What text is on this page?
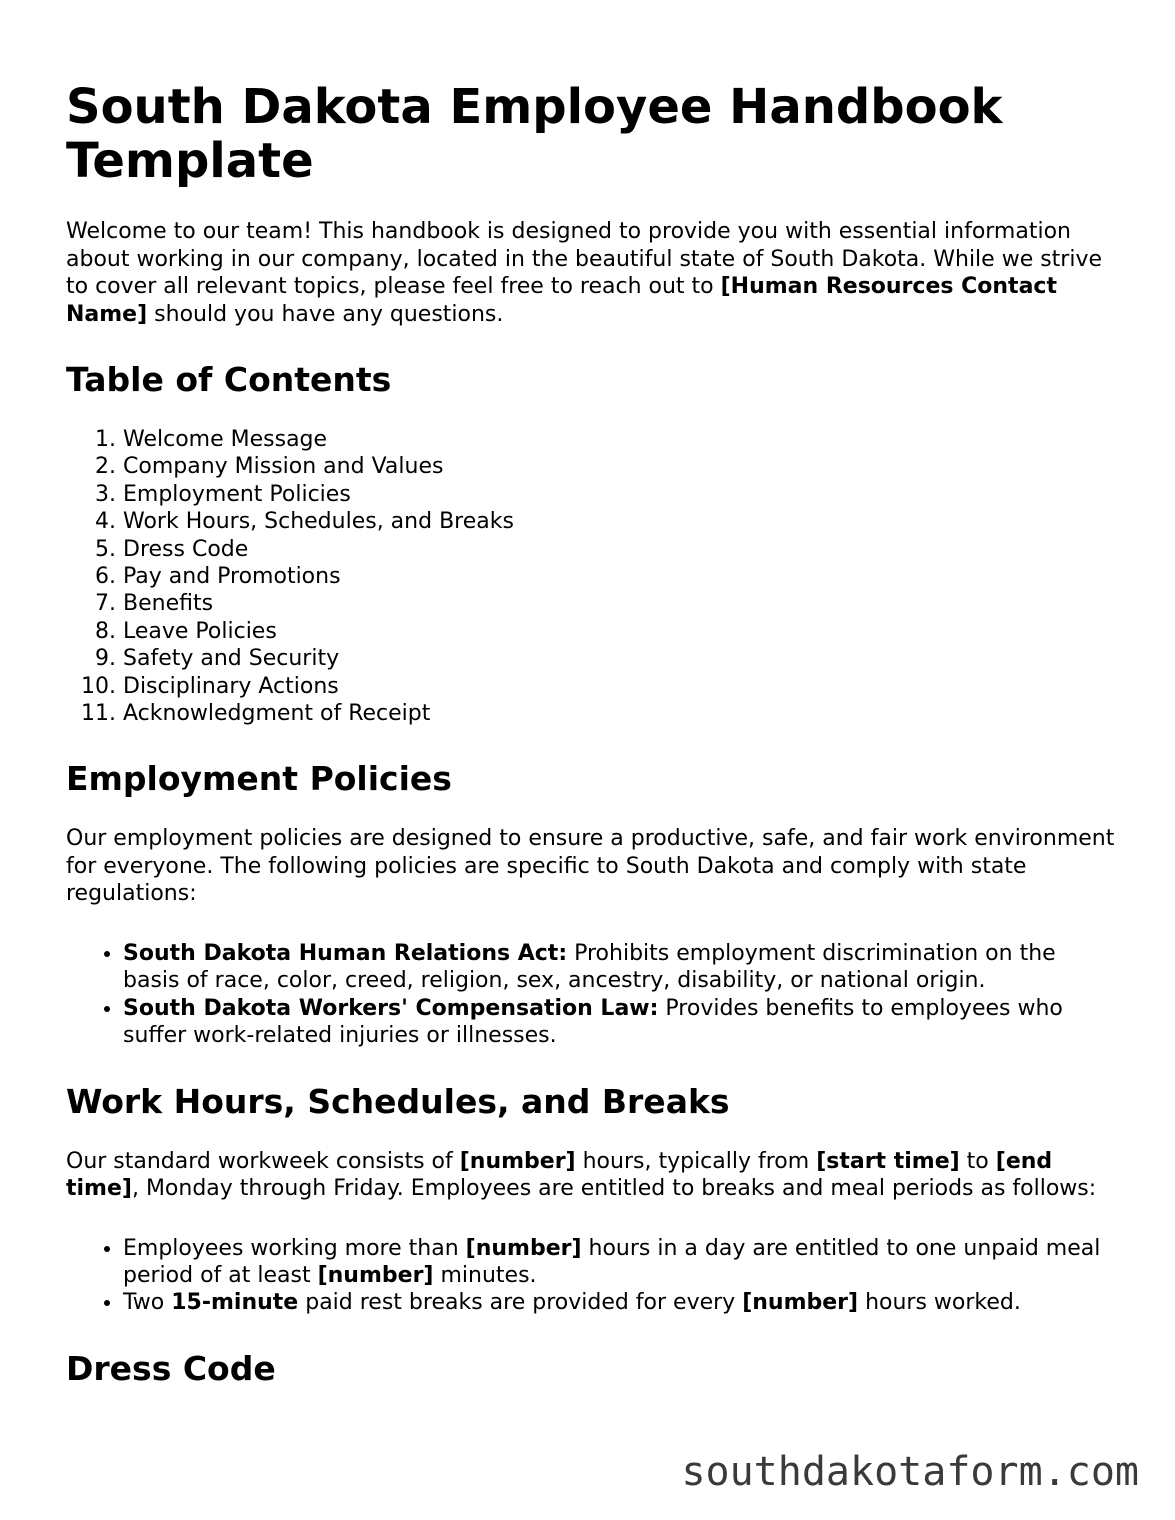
South Dakota Employee Handbook Template

Welcome to our team! This handbook is designed to provide you with essential information about working in our company, located in the beautiful state of South Dakota. While we strive to cover all relevant topics, please feel free to reach out to [Human Resources Contact Name] should you have any questions.

Table of Contents
1. Welcome Message
2. Company Mission and Values
3. Employment Policies
4. Work Hours, Schedules, and Breaks
5. Dress Code
6. Pay and Promotions
7. Benefits
8. Leave Policies
9. Safety and Security
10. Disciplinary Actions
11. Acknowledgment of Receipt
Employment Policies

Our employment policies are designed to ensure a productive, safe, and fair work environment for everyone. The following policies are specific to South Dakota and comply with state regulations:

• South Dakota Human Relations Act: Prohibits employment discrimination on the basis of race, color, creed, religion, sex, ancestry, disability, or national origin.
• South Dakota Workers' Compensation Law: Provides benefits to employees who suffer work-related injuries or illnesses.
Work Hours, Schedules, and Breaks

Our standard workweek consists of [number] hours, typically from [start time] to [end time], Monday through Friday. Employees are entitled to breaks and meal periods as follows:

• Employees working more than [number] hours in a day are entitled to one unpaid meal period of at least [number] minutes.
• Two 15-minute paid rest breaks are provided for every [number] hours worked.
Dress Code
southdakotaform.com
